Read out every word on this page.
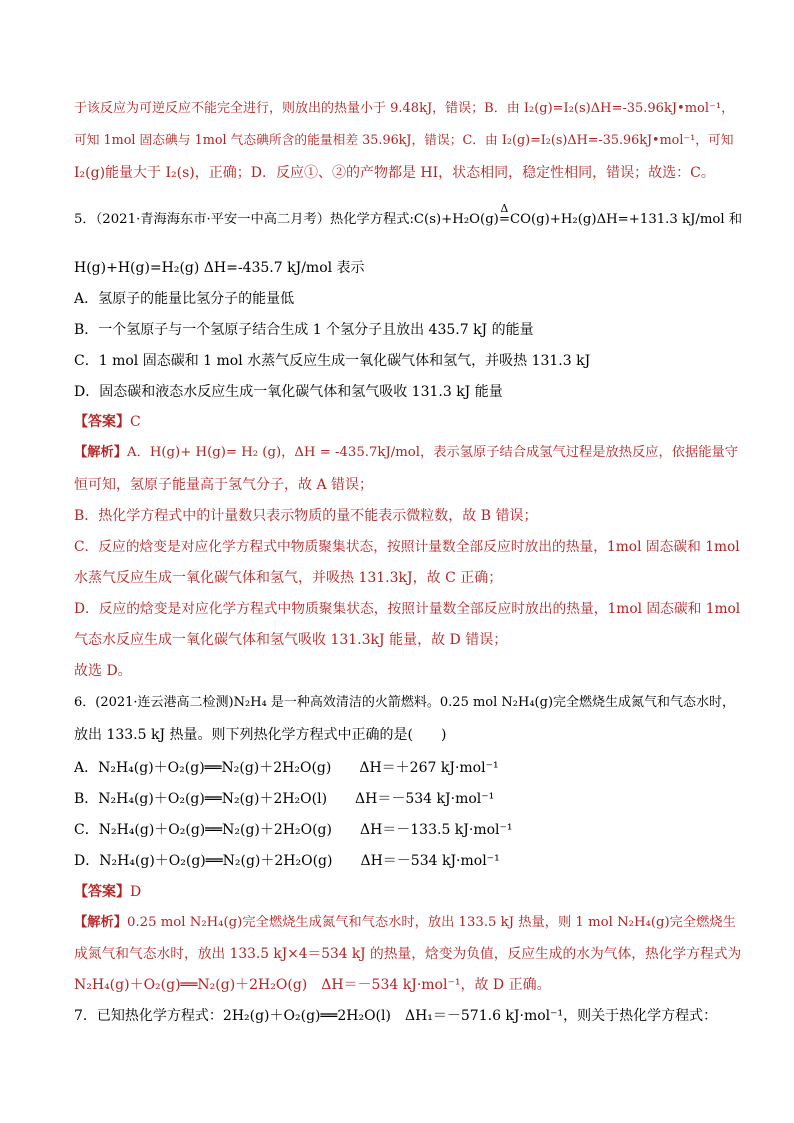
于该反应为可逆反应不能完全进行，则放出的热量小于 9.48kJ，错误；B．由 I₂(g)=I₂(s)ΔH=-35.96kJ•mol⁻¹，
可知 1mol 固态碘与 1mol 气态碘所含的能量相差 35.96kJ，错误；C．由 I₂(g)=I₂(s)ΔH=-35.96kJ•mol⁻¹，可知
I₂(g)能量大于 I₂(s)，正确；D．反应①、②的产物都是 HI，状态相同，稳定性相同，错误；故选：C。
5．（2021·青海海东市·平安一中高二月考）热化学方程式:C(s)+H₂O(g)
Δ
=CO(g)+H₂(g)ΔH=+131.3 kJ/mol 和
H(g)+H(g)=H₂(g) ΔH=-435.7 kJ/mol 表示
A．氢原子的能量比氢分子的能量低
B．一个氢原子与一个氢原子结合生成 1 个氢分子且放出 435.7 kJ 的能量
C．1 mol 固态碳和 1 mol 水蒸气反应生成一氧化碳气体和氢气，并吸热 131.3 kJ
D．固态碳和液态水反应生成一氧化碳气体和氢气吸收 131.3 kJ 能量
【答案】C
【解析】A．H(g)+ H(g)= H₂ (g)，ΔH = -435.7kJ/mol，表示氢原子结合成氢气过程是放热反应，依据能量守
恒可知，氢原子能量高于氢气分子，故 A 错误；
B．热化学方程式中的计量数只表示物质的量不能表示微粒数，故 B 错误；
C．反应的焓变是对应化学方程式中物质聚集状态，按照计量数全部反应时放出的热量，1mol 固态碳和 1mol
水蒸气反应生成一氧化碳气体和氢气，并吸热 131.3kJ，故 C 正确；
D．反应的焓变是对应化学方程式中物质聚集状态，按照计量数全部反应时放出的热量，1mol 固态碳和 1mol
气态水反应生成一氧化碳气体和氢气吸收 131.3kJ 能量，故 D 错误；
故选 D。
6．(2021·连云港高二检测)N₂H₄ 是一种高效清洁的火箭燃料。0.25 mol N₂H₄(g)完全燃烧生成氮气和气态水时，
放出 133.5 kJ 热量。则下列热化学方程式中正确的是(　　)
A．N₂H₄(g)＋O₂(g)══N₂(g)＋2H₂O(g)　　ΔH＝＋267 kJ·mol⁻¹
B．N₂H₄(g)＋O₂(g)══N₂(g)＋2H₂O(l)　　ΔH＝－534 kJ·mol⁻¹
C．N₂H₄(g)＋O₂(g)══N₂(g)＋2H₂O(g)　　ΔH＝－133.5 kJ·mol⁻¹
D．N₂H₄(g)＋O₂(g)══N₂(g)＋2H₂O(g)　　ΔH＝－534 kJ·mol⁻¹
【答案】D
【解析】0.25 mol N₂H₄(g)完全燃烧生成氮气和气态水时，放出 133.5 kJ 热量，则 1 mol N₂H₄(g)完全燃烧生
成氮气和气态水时，放出 133.5 kJ×4＝534 kJ 的热量，焓变为负值，反应生成的水为气体，热化学方程式为
N₂H₄(g)＋O₂(g)══N₂(g)＋2H₂O(g)　ΔH＝－534 kJ·mol⁻¹，故 D 正确。
7．已知热化学方程式：2H₂(g)＋O₂(g)══2H₂O(l)　ΔH₁＝－571.6 kJ·mol⁻¹，则关于热化学方程式：
